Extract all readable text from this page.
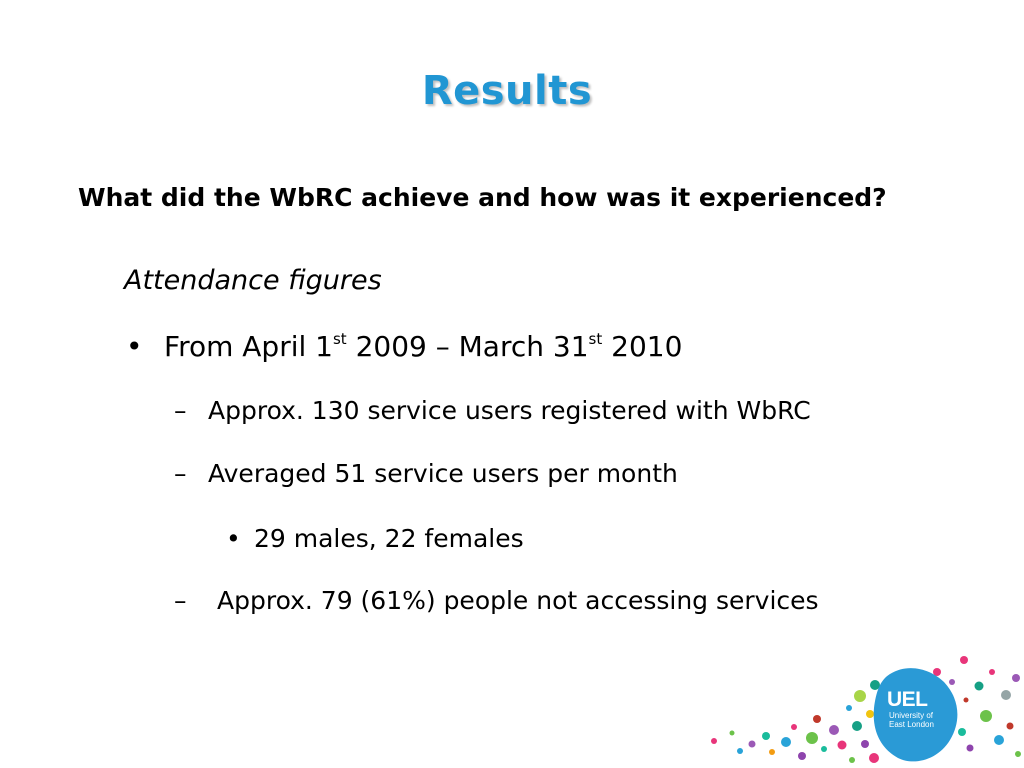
Results
What did the WbRC achieve and how was it experienced?
Attendance figures
• From April 1st 2009 – March 31st 2010
– Approx. 130 service users registered with WbRC
– Averaged 51 service users per month
• 29 males, 22 females
– Approx. 79 (61%) people not accessing services
UEL
University of
East London
